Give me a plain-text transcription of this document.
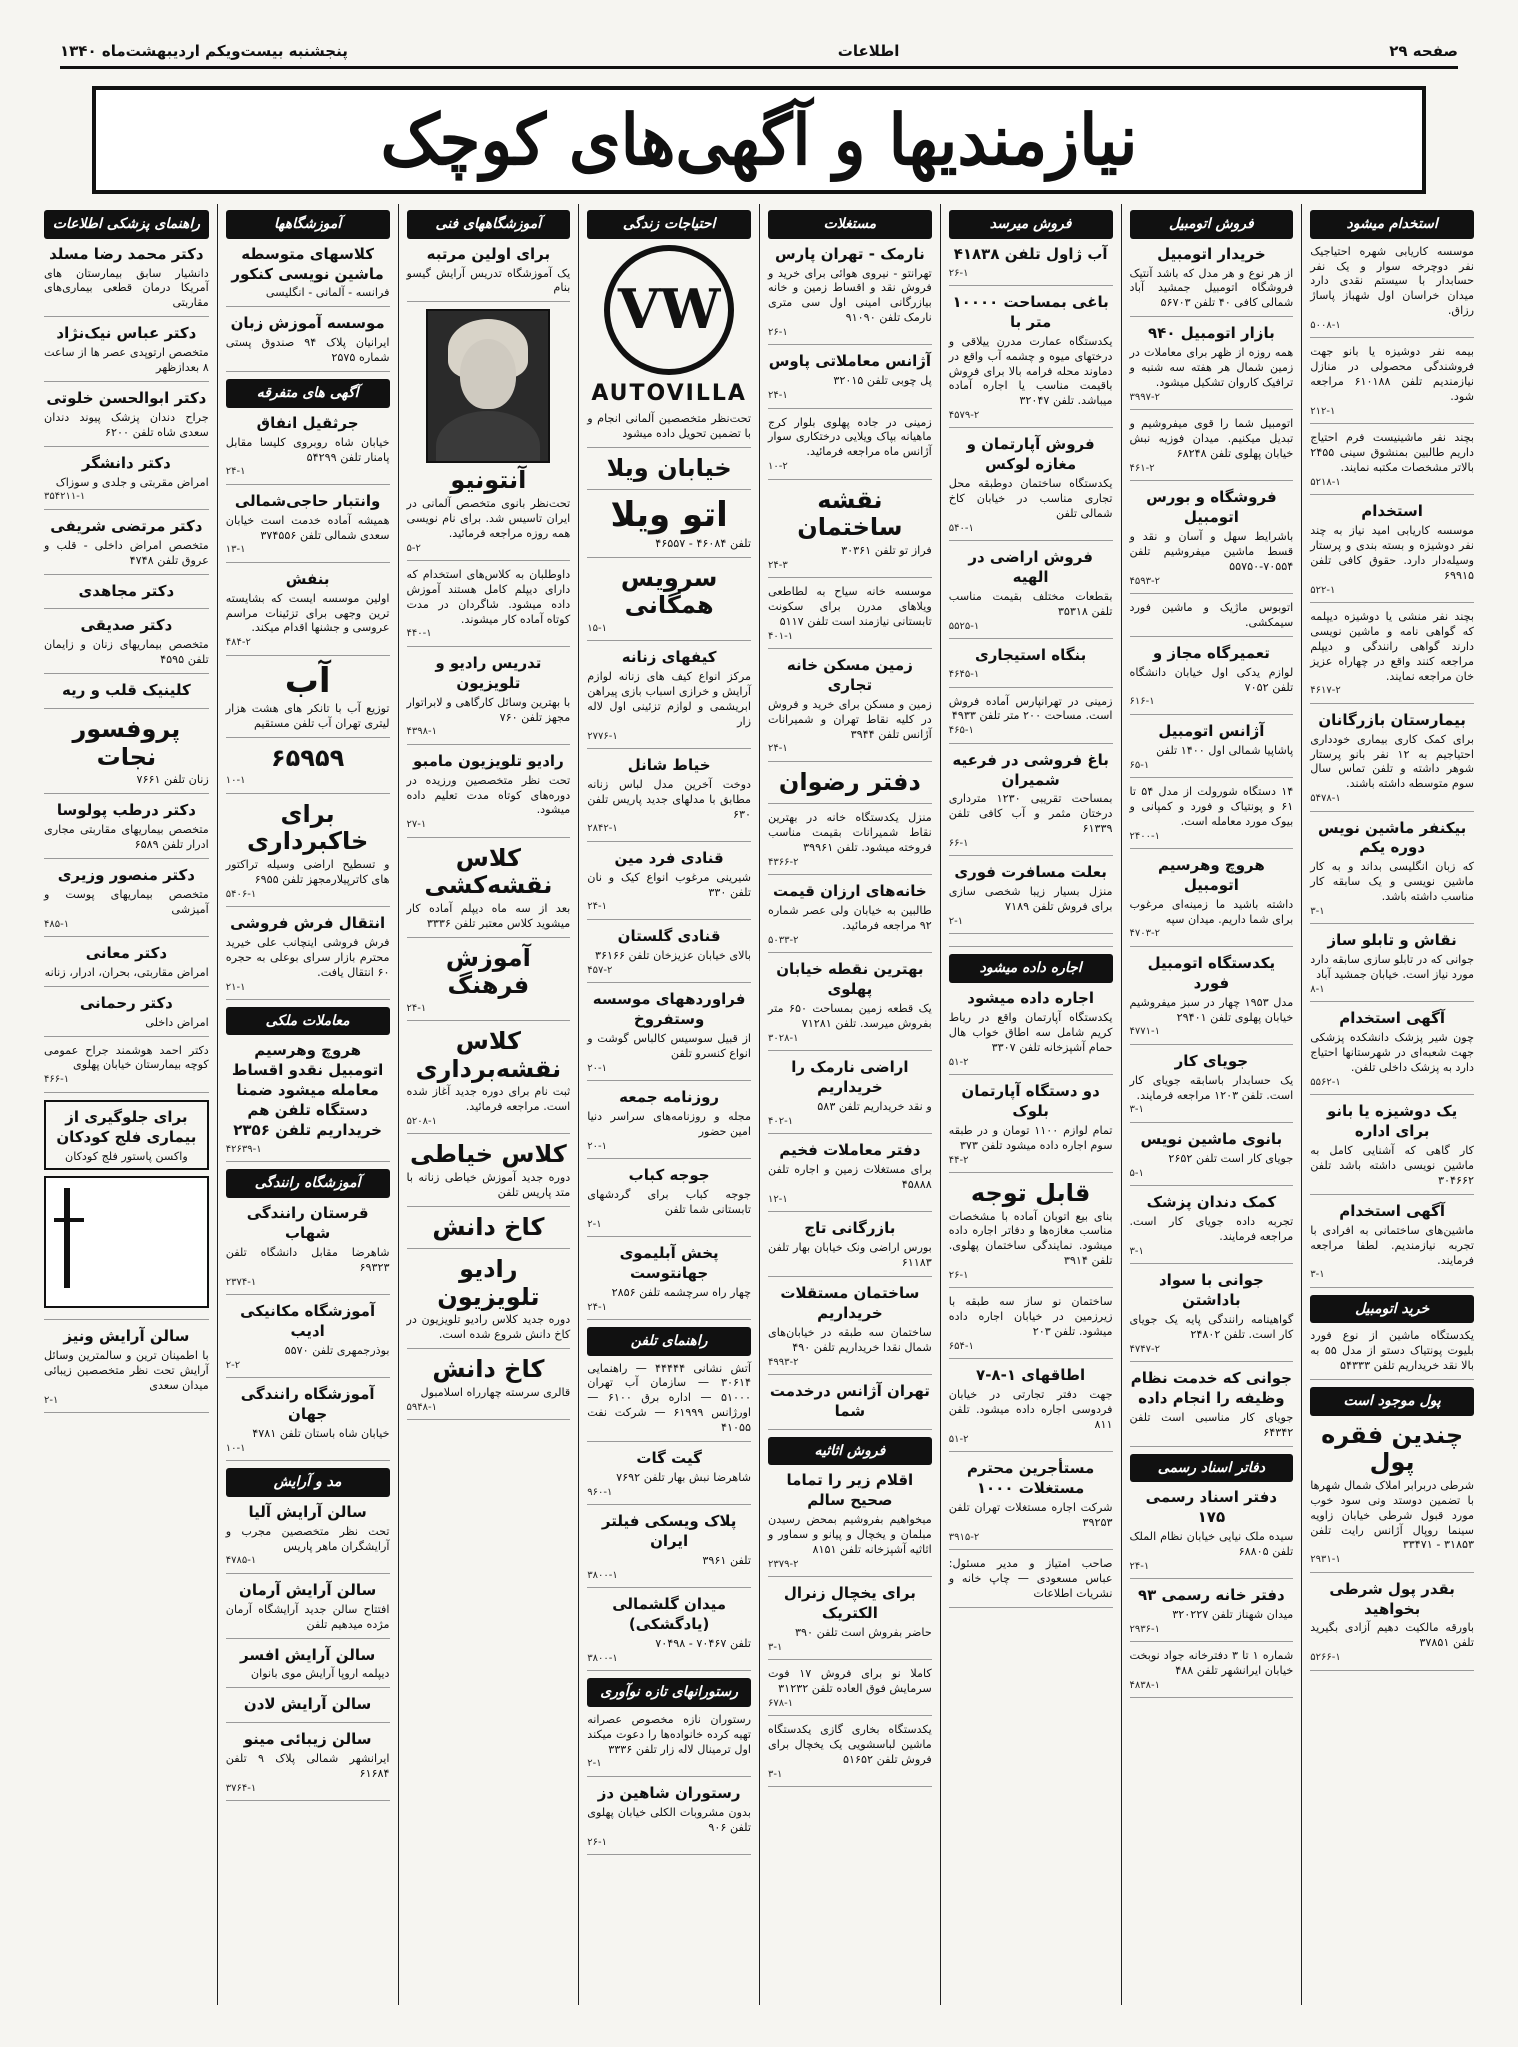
صفحه ۲۹
اطلاعات
پنجشنبه بیست‌ویکم اردیبهشت‌ماه ۱۳۴۰
نیازمندیها و آگهی‌های کوچک
استخدام میشود

موسسه کاریابی شهره احتیاجیک نفر دوچرخه سوار و یک نفر حسابدار با سیستم نقدی دارد میدان خراسان اول شهباز پاساژ رزاق.

۵۰۰۸-۱

بیمه نفر دوشیزه یا بانو جهت فروشندگی محصولی در منازل نیازمندیم تلفن ۶۱۰۱۸۸ مراجعه شود.

۲۱۲-۱

بچند نفر ماشینیست فرم احتیاج داریم طالبین بمنشوق سینی ۲۴۵۵ بالاتر مشخصات مکتبه نمایند.

۵۲۱۸-۱
استخدام

موسسه کاریابی امید نیاز به چند نفر دوشیزه و بسته بندی و پرستار وسیله‌دار دارد. حقوق کافی تلفن ۶۹۹۱۵

۵۲۲-۱

بچند نفر منشی یا دوشیزه دیپلمه که گواهی نامه و ماشین نویسی دارند گواهی رانندگی و دیپلم مراجعه کنند واقع در چهاراه عزیز خان مراجعه نمایند.

۴۶۱۷-۲
بیمارستان بازرگانان

برای کمک کاری بیماری خودداری احتیاجیم به ۱۲ نفر بانو پرستار شوهر داشته و تلفن تماس سال سوم متوسطه داشته باشند.

۵۴۷۸-۱
بیکنفر ماشین نویس دوره یکم

که زبان انگلیسی بداند و به کار ماشین نویسی و یک سابقه کار مناسب داشته باشد.

۳-۱
نقاش و تابلو ساز

جوانی که در تابلو سازی سابقه دارد مورد نیاز است. خیابان جمشید آباد

۸-۱
آگهی استخدام

چون شیر پزشک دانشکده پزشکی جهت شعبه‌ای در شهرستانها احتیاج دارد به پزشک داخلی تلفن.

۵۵۶۲-۱
یک دوشیزه یا بانو برای اداره

کار گاهی که آشنایی کامل به ماشین نویسی داشته باشد تلفن ۳۰۴۶۶۲

آگهی استخدام

ماشین‌های ساختمانی به افرادی با تجربه نیازمندیم. لطفا مراجعه فرمایند.

۳-۱
خرید اتومبیل

یکدستگاه ماشین از نوع فورد بلیوت پونتیاک دستو از مدل ۵۵ به بالا نقد خریداریم تلفن ۵۴۳۳۳

پول موجود است
چندین فقره پول

شرطی دربرابر املاک شمال شهرها با تضمین دوستد ونی سود خوب مورد قبول شرطی خیابان زاویه سینما روپال آژانس رایت تلفن ۳۱۸۵۳ - ۳۳۴۷۱

۲۹۳۱-۱
بقدر پول شرطی بخواهید

باورقه مالکیت دهیم آزادی بگیرید تلفن ۳۷۸۵۱

۵۲۶۶-۱
فروش اتومبیل
خریدار اتومبیل

از هر نوع و هر مدل که باشد آنتیک فروشگاه اتومبیل جمشید آباد شمالی کافی ۴۰ تلفن ۵۶۷۰۳

بازار اتومبیل ۹۴۰

همه روزه از ظهر برای معاملات در زمین شمال هر هفته سه شنبه و ترافیک کاروان تشکیل میشود.

۳۹۹۷-۲

اتومبیل شما را قوی میفروشیم و تبدیل میکنیم. میدان فوزیه نبش خیابان پهلوی تلفن ۶۸۲۴۸

۴۶۱-۲
فروشگاه و بورس اتومبیل

باشرایط سهل و آسان و نقد و قسط ماشین میفروشیم تلفن ۷۰۵۵۴-۵۵۷۵۰

۴۵۹۳-۲

اتوبوس ماژیک و ماشین فورد سیمکشی.

تعمیرگاه مجاز و

لوازم یدکی اول خیابان دانشگاه تلفن ۷۰۵۲

۶۱۶-۱
آژانس اتومبیل

پاشاپیا شمالی اول ۱۴۰۰ تلفن

۶۵-۱

۱۴ دستگاه شورولت از مدل ۵۴ تا ۶۱ و پونتیاک و فورد و کمپانی و بیوک مورد معامله است.

۲۴۰۰-۱
هروچ وهرسیم اتومبیل

داشته باشید ما زمینه‌ای مرغوب برای شما داریم. میدان سپه

۴۷۰۳-۲
یکدستگاه اتومبیل فورد

مدل ۱۹۵۳ چهار در سبز میفروشیم خیابان پهلوی تلفن ۲۹۴۰۱

۴۷۷۱-۱
جویای کار

یک حسابدار باسابقه جویای کار است. تلفن ۱۲۰۳ مراجعه فرمایند.

۳-۱
بانوی ماشین نویس

جویای کار است تلفن ۲۶۵۲

۵-۱
کمک دندان پزشک

تجربه داده جویای کار است. مراجعه فرمایند.

۳-۱
جوانی با سواد باداشتن

گواهینامه رانندگی پایه یک جویای کار است. تلفن ۲۴۸۰۲

۴۷۴۷-۲
جوانی که خدمت نظام وظیفه را انجام داده

جویای کار مناسبی است تلفن ۶۴۳۴۲

دفاتر اسناد رسمی
دفتر اسناد رسمی ۱۷۵

سیده ملک نیایی خیابان نظام الملک تلفن ۶۸۸۰۵

۲۴-۱
دفتر خانه رسمی ۹۳

میدان شهناز تلفن ۳۲۰۲۲۷

۲۹۳۶-۱

شماره ۱ تا ۳ دفترخانه جواد نوبخت خیابان ایرانشهر تلفن ۴۸۸

۴۸۳۸-۱
فروش میرسد
آب ژاول تلفن ۴۱۸۳۸
۲۶-۱
باغی بمساحت ۱۰۰۰۰ متر با

یکدستگاه عمارت مدرن ییلاقی و درختهای میوه و چشمه آب واقع در دماوند محله فرامه بالا برای فروش باقیمت مناسب یا اجاره آماده میباشد. تلفن ۳۲۰۴۷

۴۵۷۹-۲
فروش آپارتمان و مغازه لوکس

یکدستگاه ساختمان دوطبقه محل تجاری مناسب در خیابان کاخ شمالی تلفن

۵۴۰-۱
فروش اراضی در الهیه

بقطعات مختلف بقیمت مناسب تلفن ۳۵۳۱۸

۵۵۲۵-۱
بنگاه استیجاری
۴۶۴۵-۱

زمینی در تهرانپارس آماده فروش است. مساحت ۲۰۰ متر تلفن ۴۹۳۳

۴۶۵-۱
باغ فروشی در فرعیه شمیران

بمساحت تقریبی ۱۲۳۰ مترداری درختان مثمر و آب کافی تلفن ۶۱۳۳۹

۶۶-۱
بعلت مسافرت فوری

منزل بسیار زیبا شخصی سازی برای فروش تلفن ۷۱۸۹

۲-۱
اجاره داده میشود
اجاره داده میشود

یکدستگاه آپارتمان واقع در رباط کریم شامل سه اطاق خواب هال حمام آشپزخانه تلفن ۳۳۰۷

۵۱-۲
دو دستگاه آپارتمان بلوک

تمام لوازم ۱۱۰۰ تومان و در طبقه سوم اجاره داده میشود تلفن ۳۷۳

۴۴-۲
قابل توجه

بنای بیع اتوبان آماده با مشخصات مناسب مغازه‌ها و دفاتر اجاره داده میشود. نمایندگی ساختمان پهلوی. تلفن ۳۹۱۴

۲۶-۱

ساختمان نو ساز سه طبقه با زیرزمین در خیابان اجاره داده میشود. تلفن ۲۰۳

۶۵۴-۱
اطاقهای ۱-۸-۷

جهت دفتر تجارتی در خیابان فردوسی اجاره داده میشود. تلفن ۸۱۱

۵۱-۲
مستأجرین محترم مستغلات ۱۰۰۰

شرکت اجاره مستغلات تهران تلفن ۳۹۲۵۳

۳۹۱۵-۲

صاحب امتیاز و مدیر مسئول: عباس مسعودی — چاپ خانه و نشریات اطلاعات

مستغلات
نارمک - تهران پارس

تهرانتو - نیروی هوائی برای خرید و فروش نقد و اقساط زمین و خانه بیازرگانی امینی اول سی متری نارمک تلفن ۹۱۰۹۰

۲۶-۱
آژانس معاملاتی پاوس

پل چوبی تلفن ۳۲۰۱۵

۲۴-۱

زمینی در جاده پهلوی بلوار کرج ماهیانه بپاک ویلایی درختکاری سوار آژانس ماه مراجعه فرمائید.

۱۰-۲
نقشه ساختمان

فراز تو تلفن ۳۰۳۶۱

۲۴-۳

موسسه خانه سیاح به لطاطعی ویلاهای مدرن برای سکونت تابستانی نیازمند است تلفن ۵۱۱۷

۴۰۱-۱
زمین مسکن خانه تجاری

زمین و مسکن برای خرید و فروش در کلیه نقاط تهران و شمیرانات آژانس تلفن ۳۹۴۴

۲۴-۱
دفتر رضوان

منزل یکدستگاه خانه در بهترین نقاط شمیرانات بقیمت مناسب فروخته میشود. تلفن ۳۹۹۶۱

۴۳۶۶-۲
خانه‌های ارزان قیمت

طالبین به خیابان ولی عصر شماره ۹۲ مراجعه فرمائید.

۵۰۳۳-۲
بهترین نقطه خیابان پهلوی

یک قطعه زمین بمساحت ۶۵۰ متر بفروش میرسد. تلفن ۷۱۲۸۱

۳۰۲۸-۱
اراضی نارمک را خریداریم

و نقد خریداریم تلفن ۵۸۳

۴۰۲-۱
دفتر معاملات فخیم

برای مستغلات زمین و اجاره تلفن ۴۵۸۸۸

۱۲-۱
بازرگانی تاج

بورس اراضی ونک خیابان بهار تلفن ۶۱۱۸۳

ساختمان مستقلات خریداریم

ساختمان سه طبقه در خیابان‌های شمال نقدا خریداریم تلفن ۴۹۰

۴۹۹۳-۲
تهران آژانس درخدمت شما
فروش اثاثیه
اقلام زیر را تماما صحیح سالم

میخواهیم بفروشیم بمحض رسیدن مبلمان و یخچال و پیانو و سماور و اثاثیه آشپزخانه تلفن ۸۱۵۱

۲۳۷۹-۲
برای یخچال زنرال الکتریک

حاضر بفروش است تلفن ۳۹۰

۳-۱

کاملا نو برای فروش ۱۷ فوت سرمایش فوق العاده تلفن ۳۱۲۳۲

۶۷۸-۱

یکدستگاه بخاری گازی یکدستگاه ماشین لباسشویی یک یخچال برای فروش تلفن ۵۱۶۵۲

۳-۱
احتیاجات زندگی
VW
AUTOVILLA

تحت‌نظر متخصصین آلمانی انجام و با تضمین تحویل داده میشود

خیابان ویلا
اتو ویلا

تلفن ۴۶۰۸۴ - ۴۶۵۵۷

سرویس همگانی
۱۵-۱
کیفهای زنانه

مرکز انواع کیف های زنانه لوازم آرایش و خرازی اسباب بازی پیراهن ابریشمی و لوازم تزئینی اول لاله زار

۲۷۷۶-۱
خیاط شانل

دوخت آخرین مدل لباس زنانه مطابق با مدلهای جدید پاریس تلفن ۶۳۰

۲۸۴۲-۱
قنادی فرد مین

شیرینی مرغوب انواع کیک و نان تلفن ۳۳۰

۲۴-۱
قنادی گلستان

بالای خیابان عزیزخان تلفن ۳۶۱۶۶

۴۵۷-۲
فراوردههای موسسه وستفروخ

از قبیل سوسیس کالباس گوشت و انواع کنسرو تلفن

۲۰-۱
روزنامه جمعه

مجله و روزنامه‌های سراسر دنیا امین حضور

۲۰-۱
جوجه کباب

جوجه کباب برای گردشهای تابستانی شما تلفن

۲-۱
پخش آبلیموی جهانتوست

چهار راه سرچشمه تلفن ۲۸۵۶

۲۴-۱
راهنمای تلفن

آتش نشانی ۴۴۴۴۴ — راهنمایی ۳۰۶۱۴ — سازمان آب تهران ۵۱۰۰۰ — اداره برق ۶۱۰۰ — اورژانس ۶۱۹۹۹ — شرکت نفت ۴۱۰۵۵

گیت گات

شاهرضا نبش بهار تلفن ۷۶۹۲

۹۶۰-۱
پلاک ویسکی فیلتر ایران

تلفن ۳۹۶۱

۳۸۰۰-۱
میدان گلشمالی (یادگشکی)

تلفن ۷۰۴۶۷ - ۷۰۴۹۸

۳۸۰۰-۱
رستورانهای تازه نوآوری

رستوران نازه مخصوص عصرانه تهیه کرده خانواده‌ها را دعوت میکند اول ترمینال لاله زار تلفن ۳۳۳۶

۲-۱
رستوران شاهین دز

بدون مشروبات الکلی خیابان پهلوی تلفن ۹۰۶

۲۶-۱
آموزشگاههای فنی
برای اولین مرتبه

یک آموزشگاه تدریس آرایش گیسو بنام

آنتونیو

تحت‌نظر بانوی متخصص آلمانی در ایران تاسیس شد. برای نام نویسی همه روزه مراجعه فرمائید.

۵-۲

داوطلبان به کلاس‌های استخدام که دارای دیپلم کامل هستند آموزش داده میشود. شاگردان در مدت کوتاه آماده کار میشوند.

۴۴۰-۱
تدریس رادیو و تلویزیون

با بهترین وسائل کارگاهی و لابراتوار مجهز تلفن ۷۶۰

۴۳۹۸-۱
رادیو تلویزیون مامبو

تحت نظر متخصصین ورزیده در دوره‌های کوتاه مدت تعلیم داده میشود.

۲۷-۱
کلاس نقشه‌کشی

بعد از سه ماه دیپلم آماده کار میشوید کلاس معتبر تلفن ۳۳۳۶

آموزش فرهنگ
۲۴-۱
کلاس نقشه‌برداری

ثبت نام برای دوره جدید آغاز شده است. مراجعه فرمائید.

۵۲۰۸-۱
کلاس خیاطی

دوره جدید آموزش خیاطی زنانه با متد پاریس تلفن

کاخ دانش
رادیو تلویزیون

دوره جدید کلاس رادیو تلویزیون در کاخ دانش شروع شده است.

کاخ دانش

قالری سرسته چهارراه اسلامبول

۵۹۴۸-۱
آموزشگاهها
کلاسهای متوسطه ماشین نویسی کنکور

فرانسه - آلمانی - انگلیسی

موسسه آموزش زبان

ایرانیان پلاک ۹۴ صندوق پستی شماره ۲۵۷۵

آگهی های متفرقه
جرثقیل انفاق

خیابان شاه روبروی کلیسا مقابل پامنار تلفن ۵۴۲۹۹

۲۴-۱
وانتبار حاجی‌شمالی

همیشه آماده خدمت است خیابان سعدی شمالی تلفن ۳۷۴۵۵۶

۱۳-۱
بنفش

اولین موسسه ایست که بشایسته ترین وجهی برای تزئینات مراسم عروسی و جشنها اقدام میکند.

۴۸۴-۲
آب

توزیع آب با تانکر های هشت هزار لیتری تهران آب تلفن مستقیم

۶۵۹۵۹
۱۰-۱
برای خاکبرداری

و تسطیح اراضی وسیله تراکتور های کاترپیلارمجهز تلفن ۶۹۵۵

۵۴۰۶-۱
انتقال فرش فروشی

فرش فروشی اینچانب علی خیرید محترم بازار سرای بوعلی به حجره ۶۰ انتقال یافت.

۲۱-۱
معاملات ملکی
هروچ وهرسیم اتومبیل نقدو اقساط معامله میشود ضمنا دستگاه تلفن هم خریداریم تلفن ۲۳۵۶
۴۲۶۳۹-۱
آموزشگاه رانندگی
قرستان رانندگی شهاب

شاهرضا مقابل دانشگاه تلفن ۶۹۳۲۳

۲۳۷۴-۱
آموزشگاه مکانیکی ادیب

بوذرجمهری تلفن ۵۵۷۰

۲-۲
آموزشگاه رانندگی جهان

خیابان شاه باستان تلفن ۴۷۸۱

۱۰-۱
مد و آرایش
سالن آرایش آلیا

تحت نظر متخصصین مجرب و آرایشگران ماهر پاریس

۴۷۸۵-۱
سالن آرایش آرمان

افتتاح سالن جدید آرایشگاه آرمان مژده میدهیم تلفن

سالن آرایش افسر

دیپلمه اروپا آرایش موی بانوان

سالن آرایش لادن
سالن زیبائی مینو

ایرانشهر شمالی پلاک ۹ تلفن ۶۱۶۸۴

۳۷۶۴-۱
راهنمای پزشکی اطلاعات
دکتر محمد رضا مسلد

دانشیار سابق بیمارستان های آمریکا درمان قطعی بیماری‌های مقاربتی

دکتر عباس نیک‌نژاد

متخصص ارتوپدی عصر ها از ساعت ۸ بعدازظهر

دکتر ابوالحسن خلوتی

جراح دندان پزشک پیوند دندان سعدی شاه تلفن ۶۲۰۰

دکتر دانشگر

امراض مقربتی و جلدی و سوزاک

۳۵۴۲۱۱-۱
دکتر مرتضی شریفی

متخصص امراض داخلی - قلب و عروق تلفن ۴۷۴۸

دکتر مجاهدی
دکتر صدیقی

متخصص بیماریهای زنان و زایمان تلفن ۴۵۹۵

کلینیک قلب و ریه
پروفسور نجات

زنان تلفن ۷۶۶۱

دکتر درطب پولوسا

متخصص بیماریهای مقاربتی مجاری ادرار تلفن ۶۵۸۹

دکتر منصور وزیری

متخصص بیماریهای پوست و آمیزشی

۴۸۵-۱
دکتر معانی

امراض مقاربتی، بحران، ادرار، زنانه

دکتر رحمانی

امراض داخلی

دکتر احمد هوشمند جراح عمومی کوچه بیمارستان خیابان پهلوی

۴۶۶-۱
برای جلوگیری از بیماری فلج کودکان

واکسن پاستور فلج کودکان

سالن آرایش ونیز

با اطمینان ترین و سالمترین وسائل آرایش تحت نظر متخصصین زیبائی میدان سعدی

۲-۱
